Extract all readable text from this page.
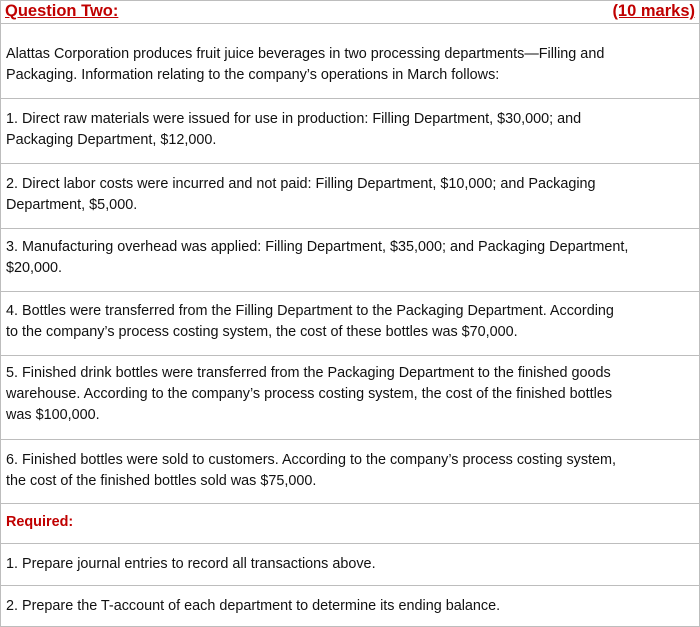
Question Two:	(10 marks)
Alattas Corporation produces fruit juice beverages in two processing departments—Filling and
Packaging. Information relating to the company’s operations in March follows:
1. Direct raw materials were issued for use in production: Filling Department, $30,000; and
Packaging Department, $12,000.
2. Direct labor costs were incurred and not paid: Filling Department, $10,000; and Packaging
Department, $5,000.
3. Manufacturing overhead was applied: Filling Department, $35,000; and Packaging Department,
$20,000.
4. Bottles were transferred from the Filling Department to the Packaging Department. According
to the company’s process costing system, the cost of these bottles was $70,000.
5. Finished drink bottles were transferred from the Packaging Department to the finished goods
warehouse. According to the company’s process costing system, the cost of the finished bottles
was $100,000.
6. Finished bottles were sold to customers. According to the company’s process costing system,
the cost of the finished bottles sold was $75,000.
Required:
1. Prepare journal entries to record all transactions above.
2. Prepare the T-account of each department to determine its ending balance.
